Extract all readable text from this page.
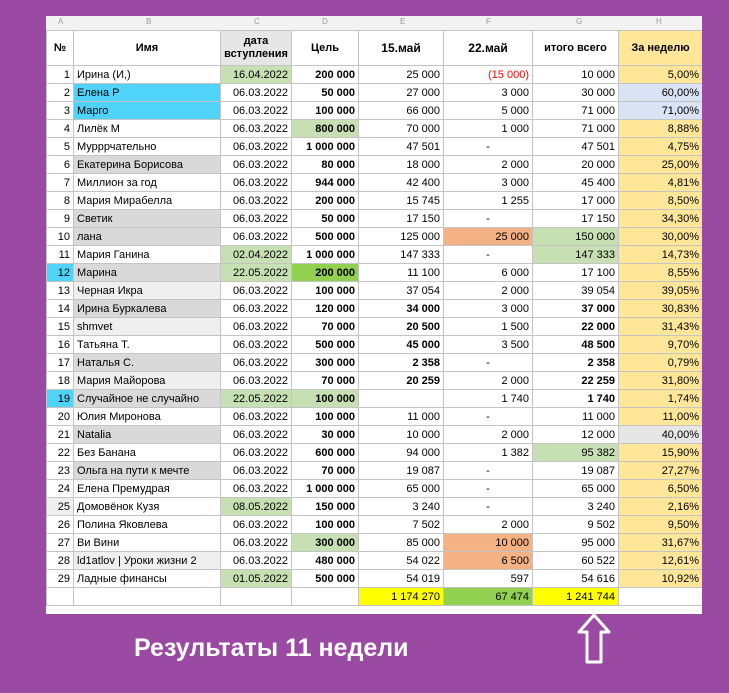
A	B	C	D	E	F	G	H
№	Имя	дата вступления	Цель	15.май	22.май	итого всего	За неделю
1	Ирина (И,)	16.04.2022	200 000	25 000	(15 000)	10 000	5,00%
2	Елена Р	06.03.2022	50 000	27 000	3 000	30 000	60,00%
3	Марго	06.03.2022	100 000	66 000	5 000	71 000	71,00%
4	Лилёк М	06.03.2022	800 000	70 000	1 000	71 000	8,88%
5	Мурррчательно	06.03.2022	1 000 000	47 501	-	47 501	4,75%
6	Екатерина Борисова	06.03.2022	80 000	18 000	2 000	20 000	25,00%
7	Миллион за год	06.03.2022	944 000	42 400	3 000	45 400	4,81%
8	Мария Мирабелла	06.03.2022	200 000	15 745	1 255	17 000	8,50%
9	Светик	06.03.2022	50 000	17 150	-	17 150	34,30%
10	лана	06.03.2022	500 000	125 000	25 000	150 000	30,00%
11	Мария Ганина	02.04.2022	1 000 000	147 333	-	147 333	14,73%
12	Марина	22.05.2022	200 000	11 100	6 000	17 100	8,55%
13	Черная Икра	06.03.2022	100 000	37 054	2 000	39 054	39,05%
14	Ирина Буркалева	06.03.2022	120 000	34 000	3 000	37 000	30,83%
15	shmvet	06.03.2022	70 000	20 500	1 500	22 000	31,43%
16	Татьяна Т.	06.03.2022	500 000	45 000	3 500	48 500	9,70%
17	Наталья С.	06.03.2022	300 000	2 358	-	2 358	0,79%
18	Мария Майорова	06.03.2022	70 000	20 259	2 000	22 259	31,80%
19	Случайное не случайно	22.05.2022	100 000		1 740	1 740	1,74%
20	Юлия Миронова	06.03.2022	100 000	11 000	-	11 000	11,00%
21	Natalia	06.03.2022	30 000	10 000	2 000	12 000	40,00%
22	Без Банана	06.03.2022	600 000	94 000	1 382	95 382	15,90%
23	Ольга на пути к мечте	06.03.2022	70 000	19 087	-	19 087	27,27%
24	Елена Премудрая	06.03.2022	1 000 000	65 000	-	65 000	6,50%
25	Домовёнок Кузя	08.05.2022	150 000	3 240	-	3 240	2,16%
26	Полина Яковлева	06.03.2022	100 000	7 502	2 000	9 502	9,50%
27	Ви Вини	06.03.2022	300 000	85 000	10 000	95 000	31,67%
28	ld1atlov | Уроки жизни 2	06.03.2022	480 000	54 022	6 500	60 522	12,61%
29	Ладные финансы	01.05.2022	500 000	54 019	597	54 616	10,92%
				1 174 270	67 474	1 241 744	
Результаты 11 недели
